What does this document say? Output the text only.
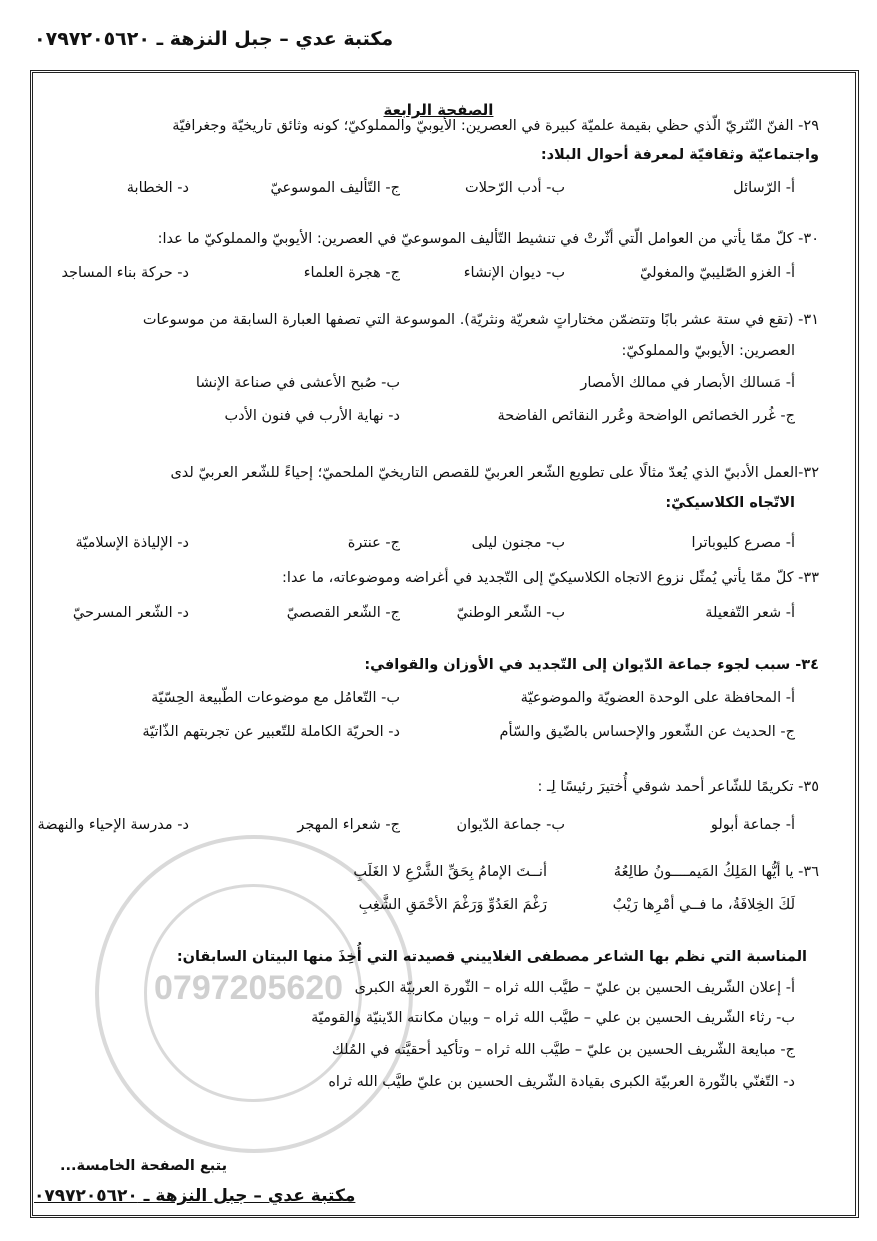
مكتبة عدي – جبل النزهة ـ ٠٧٩٧٢٠٥٦٢٠
0797205620
الصفحة الرابعة
٢٩- الفنّ النّثريّ الّذي حظي بقيمة علميّة كبيرة في العصرين: الأيوبيّ والمملوكيّ؛ كونه وثائق تاريخيّة وجغرافيّة
واجتماعيّة وثقافيّة لمعرفة أحوال البلاد:
أ- الرّسائل
ب- أدب الرّحلات
ج- التّأليف الموسوعيّ
د- الخطابة
٣٠- كلّ ممّا يأتي من العوامل الّتي أثّرتْ في تنشيط التّأليف الموسوعيّ في العصرين: الأيوبيّ والمملوكيّ ما عدا:
أ- الغزو الصّليبيّ والمغوليّ
ب- ديوان الإنشاء
ج- هجرة العلماء
د- حركة بناء المساجد
٣١- (تقع في ستة عشر بابًا وتتضمّن مختاراتٍ شعريّة ونثريّة). الموسوعة التي تصفها العبارة السابقة من موسوعات
العصرين: الأيوبيّ والمملوكيّ:
أ- مَسالك الأبصار في ممالك الأمصار
ب- صُبح الأعشى في صناعة الإنشا
ج- غُرر الخصائص الواضحة وعُرر النقائص الفاضحة
د- نهاية الأرب في فنون الأدب
٣٢-العمل الأدبيّ الذي يُعدّ مثالًا على تطويع الشّعر العربيّ للقصص التاريخيّ الملحميّ؛ إحياءً للشّعر العربيّ لدى
الاتّجاه الكلاسيكيّ:
أ- مصرع كليوباترا
ب- مجنون ليلى
ج- عنترة
د- الإلياذة الإسلاميّة
٣٣- كلّ ممّا يأتي يُمثّل نزوع الاتجاه الكلاسيكيّ إلى التّجديد في أغراضه وموضوعاته، ما عدا:
أ- شعر التّفعيلة
ب- الشّعر الوطنيّ
ج- الشّعر القصصيّ
د- الشّعر المسرحيّ
٣٤- سبب لجوء جماعة الدّيوان إلى التّجديد في الأوزان والقوافي:
أ- المحافظة على الوحدة العضويّة والموضوعيّة
ب- التّعامُل مع موضوعات الطّبيعة الحِسّيّة
ج- الحديث عن الشّعور والإحساس بالضّيق والسّأم
د- الحريّة الكاملة للتّعبير عن تجربتهم الذّاتيّة
٣٥- تكريمًا للشّاعر أحمد شوقي أُختيرَ رئيسًا لِـ :
أ- جماعة أبولو
ب- جماعة الدّيوان
ج- شعراء المهجر
د- مدرسة الإحياء والنهضة
٣٦- يا أيُّها المَلِكُ المَيمــــونُ طالِعُهُ
أنــتَ الإمامُ بِحَقِّ الشَّرْعِ لا الغَلَبِ
لَكَ الخِلافَةُ، ما فــي أمْرِها رَيْبٌ
رَغْمَ العَدُوِّ وَرَغْمَ الأحْمَقِ الشَّغِبِ
المناسبة التي نظم بها الشاعر مصطفى الغلاييني قصيدته التي أُخِذَ منها البيتان السابقان:
أ- إعلان الشّريف الحسين بن عليّ – طيَّب الله ثراه – الثّورة العربيّة الكبرى
ب- رثاء الشّريف الحسين بن علي – طيَّب الله ثراه – وبيان مكانته الدّينيّة والقوميّة
ج- مبايعة الشّريف الحسين بن عليّ – طيَّب الله ثراه – وتأكيد أحقيَّته في المُلك
د- التّغنّي بالثّورة العربيّة الكبرى بقيادة الشّريف الحسين بن عليّ طيَّب الله ثراه
يتبع الصفحة الخامسة...
مكتبة عدي – جبل النزهة ـ ٠٧٩٧٢٠٥٦٢٠
